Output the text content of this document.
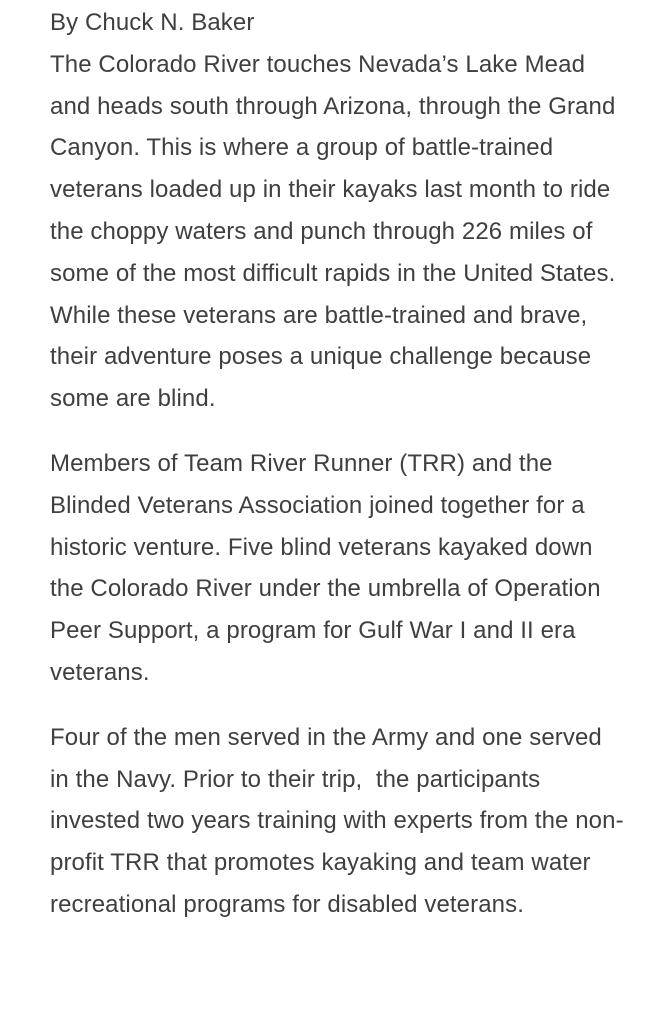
By Chuck N. Baker

The Colorado River touches Nevada’s Lake Mead and heads south through Arizona, through the Grand Canyon. This is where a group of battle-trained veterans loaded up in their kayaks last month to ride the choppy waters and punch through 226 miles of some of the most difficult rapids in the United States. While these veterans are battle-trained and brave, their adventure poses a unique challenge because some are blind.

Members of Team River Runner (TRR) and the Blinded Veterans Association joined together for a historic venture. Five blind veterans kayaked down the Colorado River under the umbrella of Operation Peer Support, a program for Gulf War I and II era veterans.

Four of the men served in the Army and one served in the Navy. Prior to their trip,  the participants invested two years training with experts from the non-profit TRR that promotes kayaking and team water recreational programs for disabled veterans.
